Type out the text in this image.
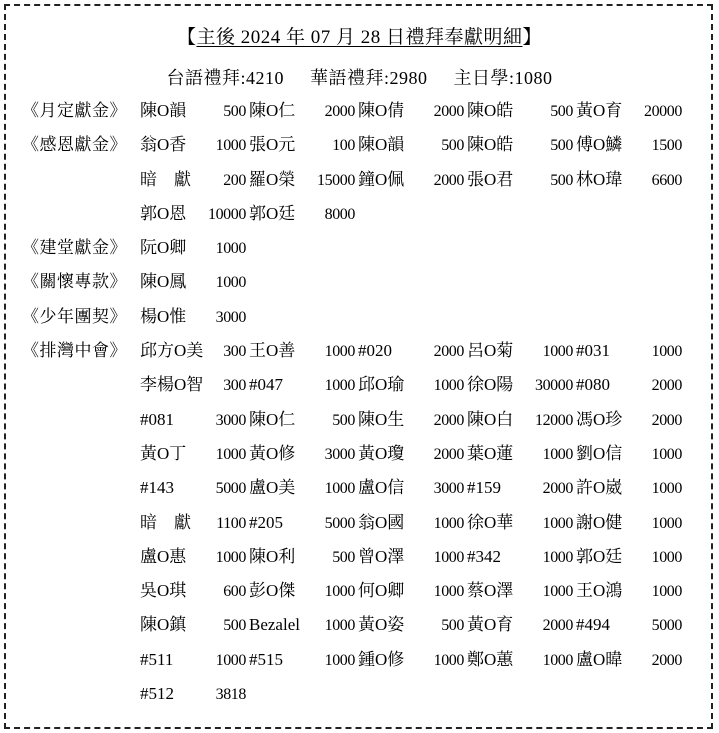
【主後 2024 年 07 月 28 日禮拜奉獻明細】
台語禮拜:4210 華語禮拜:2980 主日學:1080
《月定獻金》 陳O韻 500 陳O仁 2000 陳O倩 2000 陳O皓 500 黃O育 20000
《感恩獻金》 翁O香 1000 張O元 100 陳O韻 500 陳O皓 500 傅O鱗 1500
暗　獻 200 羅O榮 15000 鐘O佩 2000 張O君 500 林O瑋 6600
郭O恩 10000 郭O廷 8000
《建堂獻金》 阮O卿 1000
《關懷專款》 陳O鳳 1000
《少年團契》 楊O惟 3000
《排灣中會》 邱方O美 300 王O善 1000 #020	2000 呂O菊 1000 #031	1000
李楊O智 300 #047	1000 邱O瑜 1000 徐O陽 30000 #080	2000
#081	3000 陳O仁 500 陳O生 2000 陳O白 12000 馮O珍 2000
黃O丁 1000 黃O修 3000 黃O瓊 2000 葉O蓮 1000 劉O信 1000
#143	5000 盧O美 1000 盧O信 3000 #159	2000 許O崴 1000
暗　獻 1100 #205	5000 翁O國 1000 徐O華 1000 謝O健 1000
盧O惠 1000 陳O利 500 曾O澤 1000 #342	1000 郭O廷 1000
吳O琪 600 彭O傑 1000 何O卿 1000 蔡O澤 1000 王O鴻 1000
陳O鎮 500 Bezalel 1000 黃O姿 500 黃O育 2000 #494	5000
#511	1000 #515	1000 鍾O修 1000 鄭O蕙 1000 盧O暐 2000
#512	3818
